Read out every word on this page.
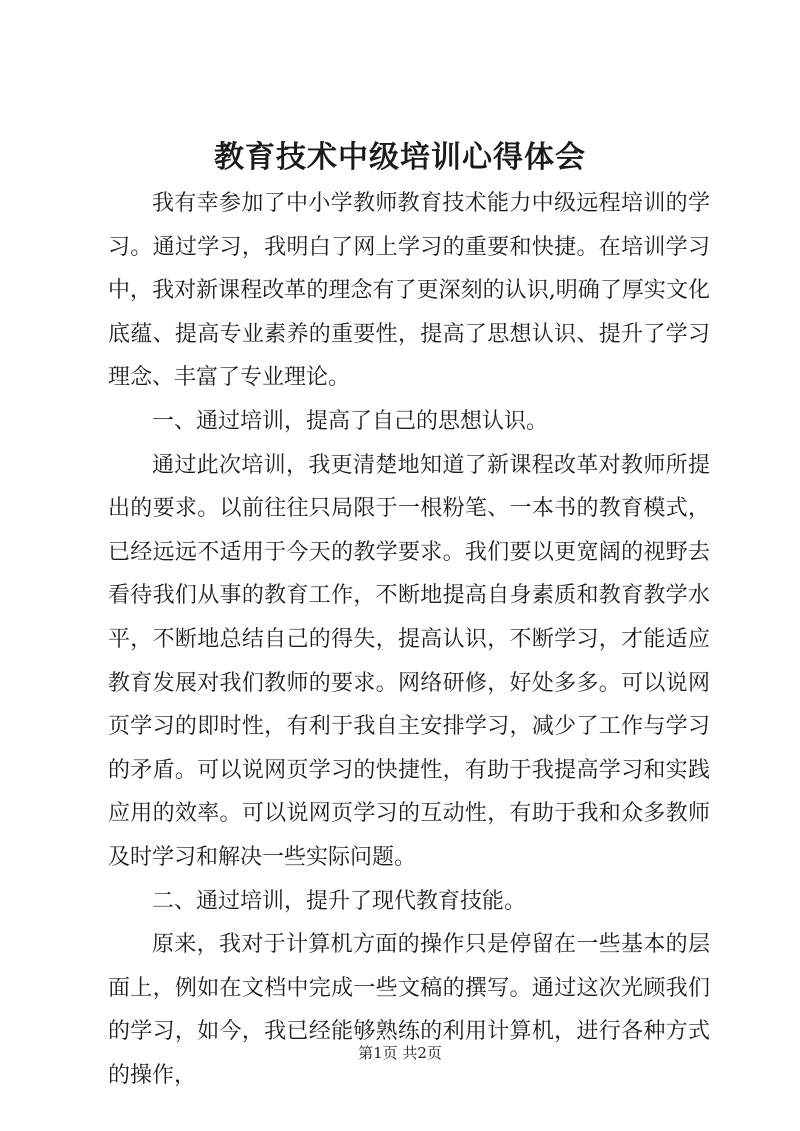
教育技术中级培训心得体会

我有幸参加了中小学教师教育技术能力中级远程培训的学习。通过学习，我明白了网上学习的重要和快捷。在培训学习中，我对新课程改革的理念有了更深刻的认识,明确了厚实文化底蕴、提高专业素养的重要性，提高了思想认识、提升了学习理念、丰富了专业理论。

一、通过培训，提高了自己的思想认识。

通过此次培训，我更清楚地知道了新课程改革对教师所提出的要求。以前往往只局限于一根粉笔、一本书的教育模式，已经远远不适用于今天的教学要求。我们要以更宽阔的视野去看待我们从事的教育工作，不断地提高自身素质和教育教学水平，不断地总结自己的得失，提高认识，不断学习，才能适应教育发展对我们教师的要求。网络研修，好处多多。可以说网页学习的即时性，有利于我自主安排学习，减少了工作与学习的矛盾。可以说网页学习的快捷性，有助于我提高学习和实践应用的效率。可以说网页学习的互动性，有助于我和众多教师及时学习和解决一些实际问题。

二、通过培训，提升了现代教育技能。

原来，我对于计算机方面的操作只是停留在一些基本的层面上，例如在文档中完成一些文稿的撰写。通过这次光顾我们的学习，如今，我已经能够熟练的利用计算机，进行各种方式的操作，

第1页 共2页
